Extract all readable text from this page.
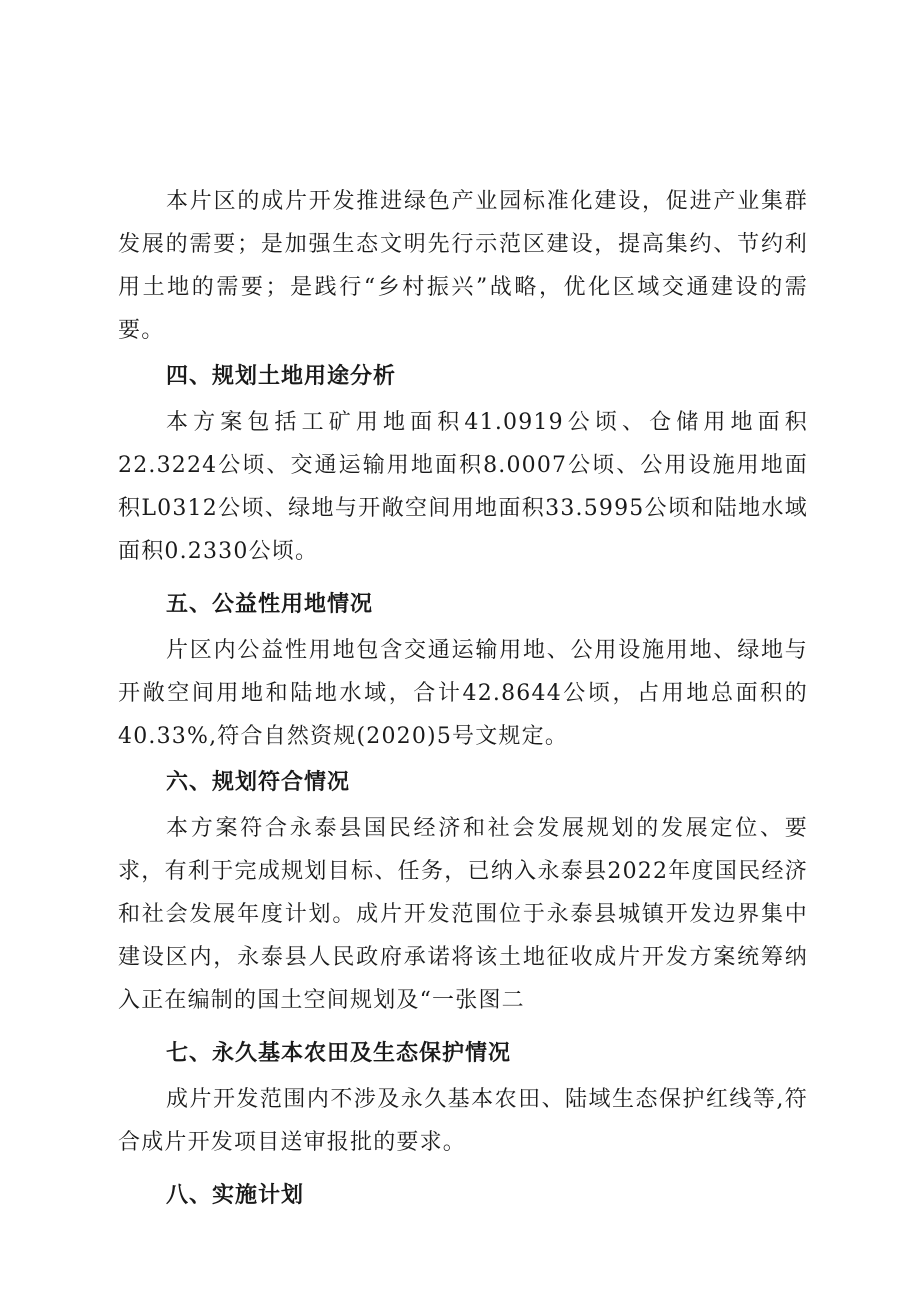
本片区的成片开发推进绿色产业园标准化建设，促进产业集群发展的需要；是加强生态文明先行示范区建设，提高集约、节约利用土地的需要；是践行“乡村振兴”战略，优化区域交通建设的需要。

四、规划土地用途分析

本方案包括工矿用地面积41.0919公顷、仓储用地面积22.3224公顷、交通运输用地面积8.0007公顷、公用设施用地面积L0312公顷、绿地与开敞空间用地面积33.5995公顷和陆地水域面积0.2330公顷。

五、公益性用地情况

片区内公益性用地包含交通运输用地、公用设施用地、绿地与开敞空间用地和陆地水域，合计42.8644公顷，占用地总面积的40.33%,符合自然资规(2020)5号文规定。

六、规划符合情况

本方案符合永泰县国民经济和社会发展规划的发展定位、要求，有利于完成规划目标、任务，已纳入永泰县2022年度国民经济和社会发展年度计划。成片开发范围位于永泰县城镇开发边界集中建设区内，永泰县人民政府承诺将该土地征收成片开发方案统筹纳入正在编制的国土空间规划及“一张图二

七、永久基本农田及生态保护情况

成片开发范围内不涉及永久基本农田、陆域生态保护红线等,符合成片开发项目送审报批的要求。

八、实施计划
